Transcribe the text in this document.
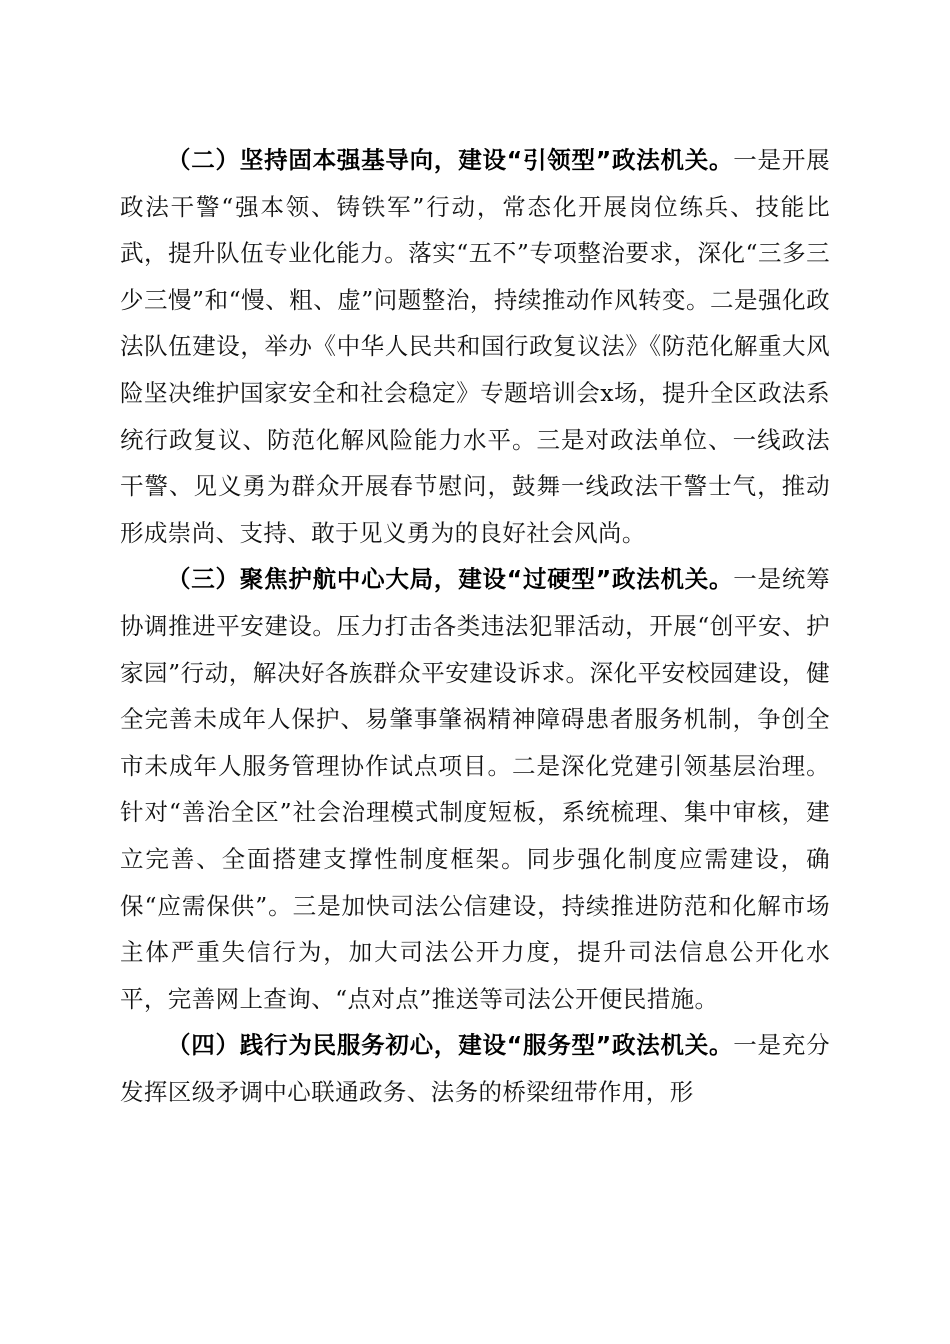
（二）坚持固本强基导向，建设“引领型”政法机关。一是开展政法干警“强本领、铸铁军”行动，常态化开展岗位练兵、技能比武，提升队伍专业化能力。落实“五不”专项整治要求，深化“三多三少三慢”和“慢、粗、虚”问题整治，持续推动作风转变。二是强化政法队伍建设，举办《中华人民共和国行政复议法》《防范化解重大风险坚决维护国家安全和社会稳定》专题培训会x场，提升全区政法系统行政复议、防范化解风险能力水平。三是对政法单位、一线政法干警、见义勇为群众开展春节慰问，鼓舞一线政法干警士气，推动形成崇尚、支持、敢于见义勇为的良好社会风尚。

（三）聚焦护航中心大局，建设“过硬型”政法机关。一是统筹协调推进平安建设。压力打击各类违法犯罪活动，开展“创平安、护家园”行动，解决好各族群众平安建设诉求。深化平安校园建设，健全完善未成年人保护、易肇事肇祸精神障碍患者服务机制，争创全市未成年人服务管理协作试点项目。二是深化党建引领基层治理。针对“善治全区”社会治理模式制度短板，系统梳理、集中审核，建立完善、全面搭建支撑性制度框架。同步强化制度应需建设，确保“应需保供”。三是加快司法公信建设，持续推进防范和化解市场主体严重失信行为，加大司法公开力度，提升司法信息公开化水平，完善网上查询、“点对点”推送等司法公开便民措施。

（四）践行为民服务初心，建设“服务型”政法机关。一是充分发挥区级矛调中心联通政务、法务的桥梁纽带作用，形
